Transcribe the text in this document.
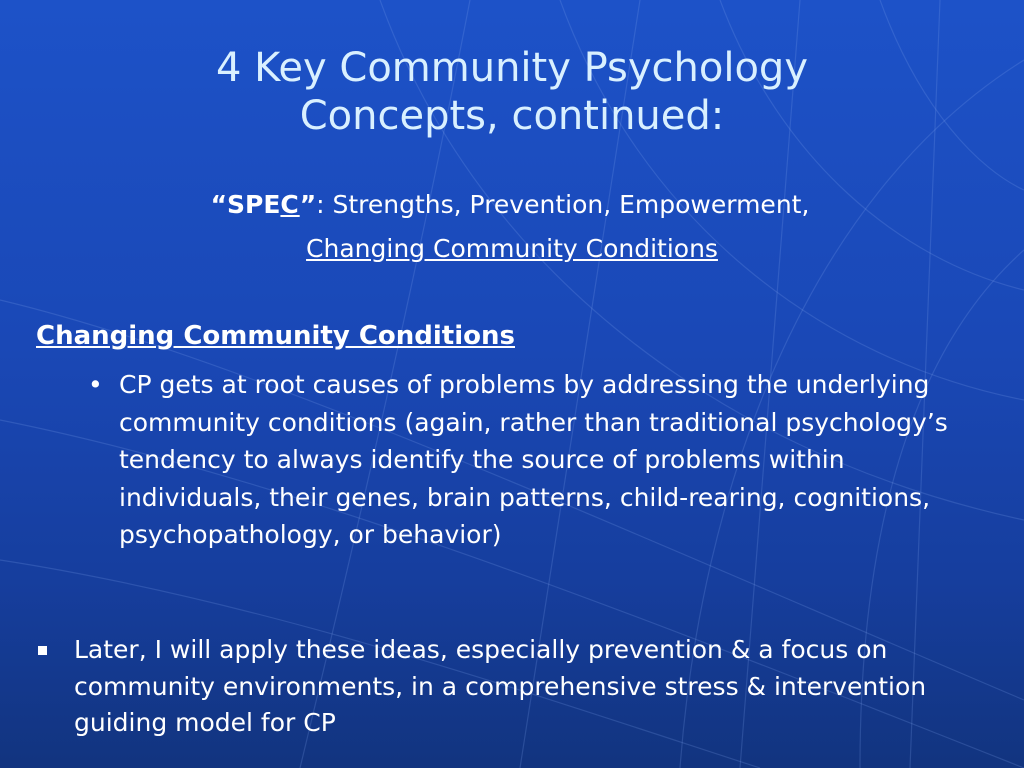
4 Key Community Psychology
Concepts, continued:
“SPEC”: Strengths, Prevention, Empowerment,
Changing Community Conditions
Changing Community Conditions
• CP gets at root causes of problems by addressing the underlying community conditions (again, rather than traditional psychology’s tendency to always identify the source of problems within individuals, their genes, brain patterns, child-rearing, cognitions, psychopathology, or behavior)
Later, I will apply these ideas, especially prevention & a focus on community environments, in a comprehensive stress & intervention guiding model for CP
